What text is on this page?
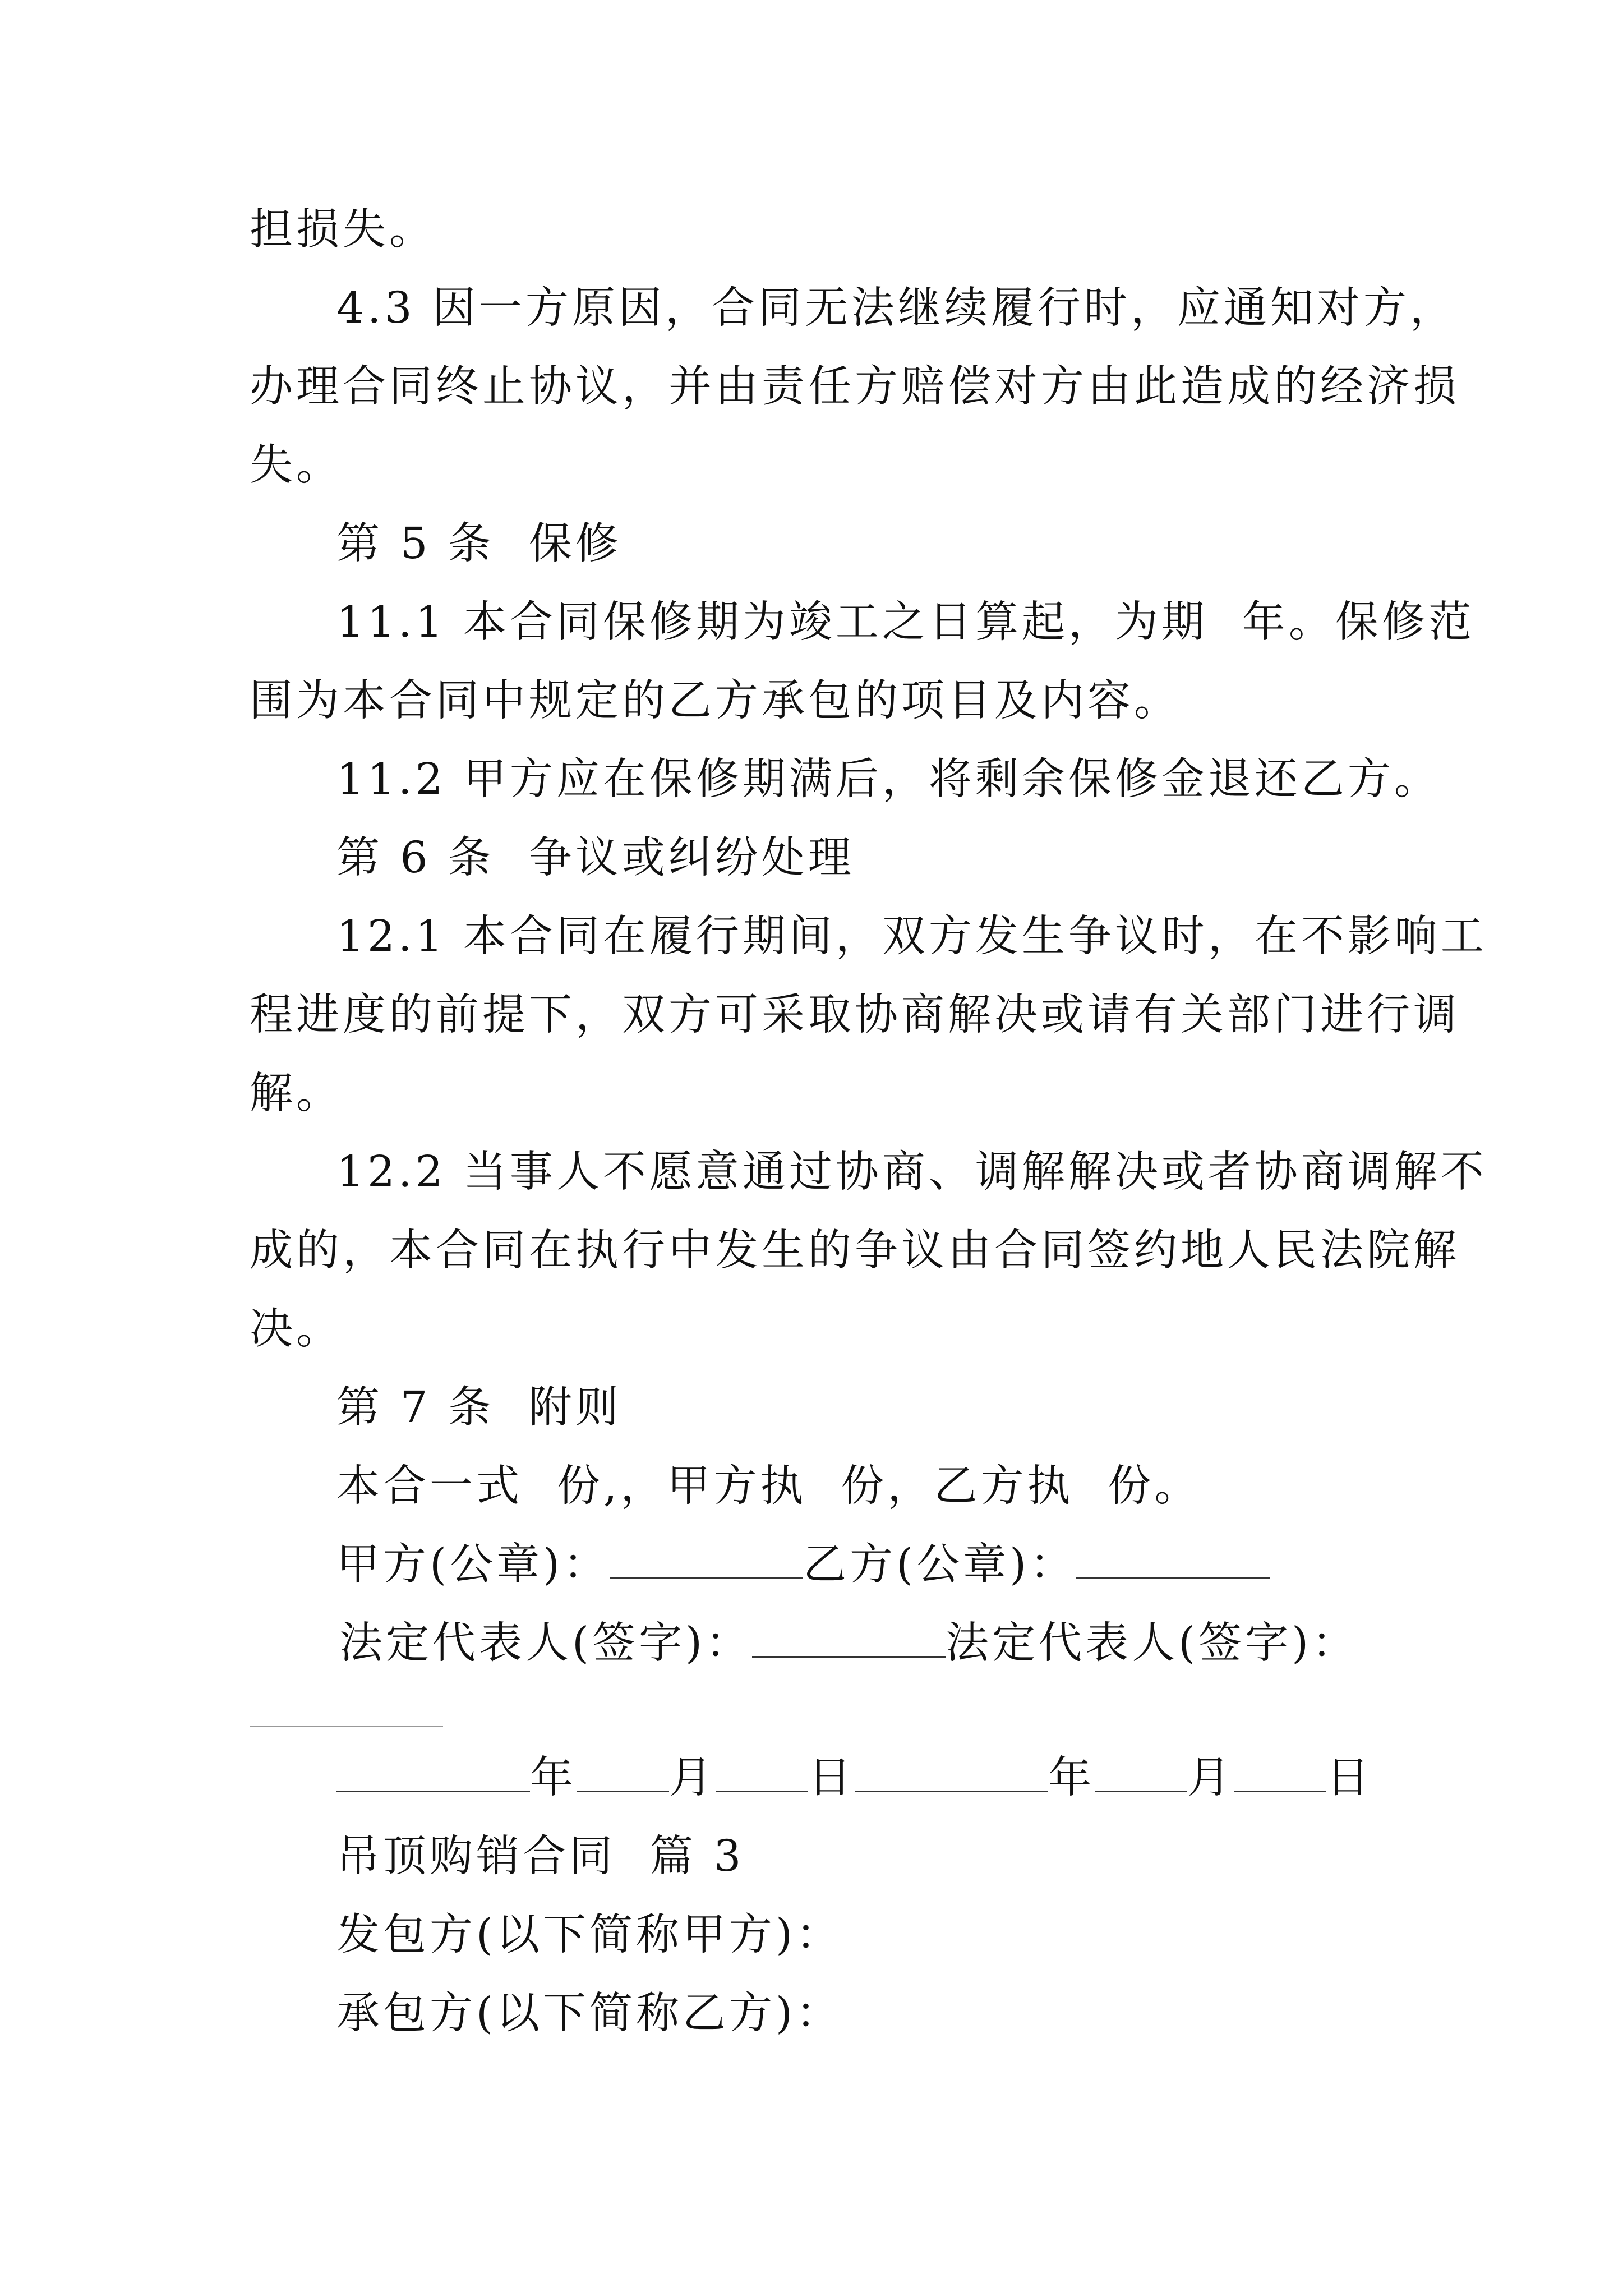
担损失。
4.3 因一方原因，合同无法继续履行时，应通知对方，
办理合同终止协议，并由责任方赔偿对方由此造成的经济损
失。
第 5 条  保修
11.1 本合同保修期为竣工之日算起，为期  年。保修范
围为本合同中规定的乙方承包的项目及内容。
11.2 甲方应在保修期满后，将剩余保修金退还乙方。
第 6 条  争议或纠纷处理
12.1 本合同在履行期间，双方发生争议时，在不影响工
程进度的前提下，双方可采取协商解决或请有关部门进行调
解。
12.2 当事人不愿意通过协商、调解解决或者协商调解不
成的，本合同在执行中发生的争议由合同签约地人民法院解
决。
第 7 条  附则
本合一式  份,，甲方执  份，乙方执  份。
甲方(公章)：	乙方(公章)：
法定代表人(签字)：	法定代表人(签字)：
年 月 日	年 月 日
吊顶购销合同  篇 3
发包方(以下简称甲方)：
承包方(以下简称乙方)：
